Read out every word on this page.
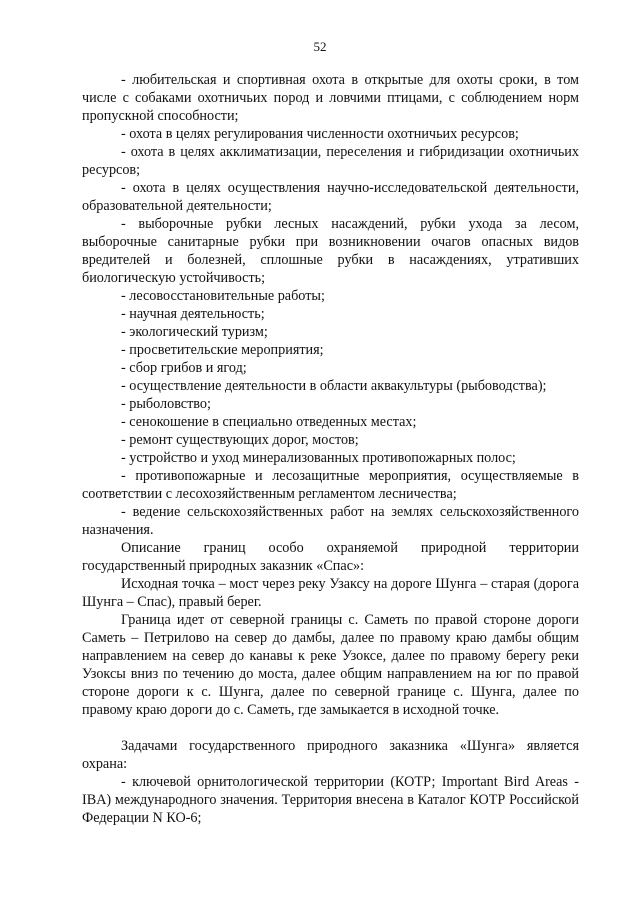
52

- любительская и спортивная охота в открытые для охоты сроки, в том числе с собаками охотничьих пород и ловчими птицами, с соблюдением норм пропускной способности;

- охота в целях регулирования численности охотничьих ресурсов;

- охота в целях акклиматизации, переселения и гибридизации охотничьих ресурсов;

- охота в целях осуществления научно-исследовательской деятельности, образовательной деятельности;

- выборочные рубки лесных насаждений, рубки ухода за лесом, выборочные санитарные рубки при возникновении очагов опасных видов вредителей и болезней, сплошные рубки в насаждениях, утративших биологическую устойчивость;

- лесовосстановительные работы;

- научная деятельность;

- экологический туризм;

- просветительские мероприятия;

- сбор грибов и ягод;

- осуществление деятельности в области аквакультуры (рыбоводства);

- рыболовство;

- сенокошение в специально отведенных местах;

- ремонт существующих дорог, мостов;

- устройство и уход минерализованных противопожарных полос;

- противопожарные и лесозащитные мероприятия, осуществляемые в соответствии с лесохозяйственным регламентом лесничества;

- ведение сельскохозяйственных работ на землях сельскохозяйственного назначения.

Описание границ особо охраняемой природной территории государственный природных заказник «Спас»:

Исходная точка – мост через реку Узаксу на дороге Шунга – старая (дорога Шунга – Спас), правый берег.

Граница идет от северной границы с. Саметь по правой стороне дороги Саметь – Петрилово на север до дамбы, далее по правому краю дамбы общим направлением на север до канавы к реке Узоксе, далее по правому берегу реки Узоксы вниз по течению до моста, далее общим направлением на юг по правой стороне дороги к с. Шунга, далее по северной границе с. Шунга, далее по правому краю дороги до с. Саметь, где замыкается в исходной точке.

Задачами государственного природного заказника «Шунга» является охрана:

- ключевой орнитологической территории (КОТР; Important Bird Areas - IBA) международного значения. Территория внесена в Каталог КОТР Российской Федерации N КО-6;
